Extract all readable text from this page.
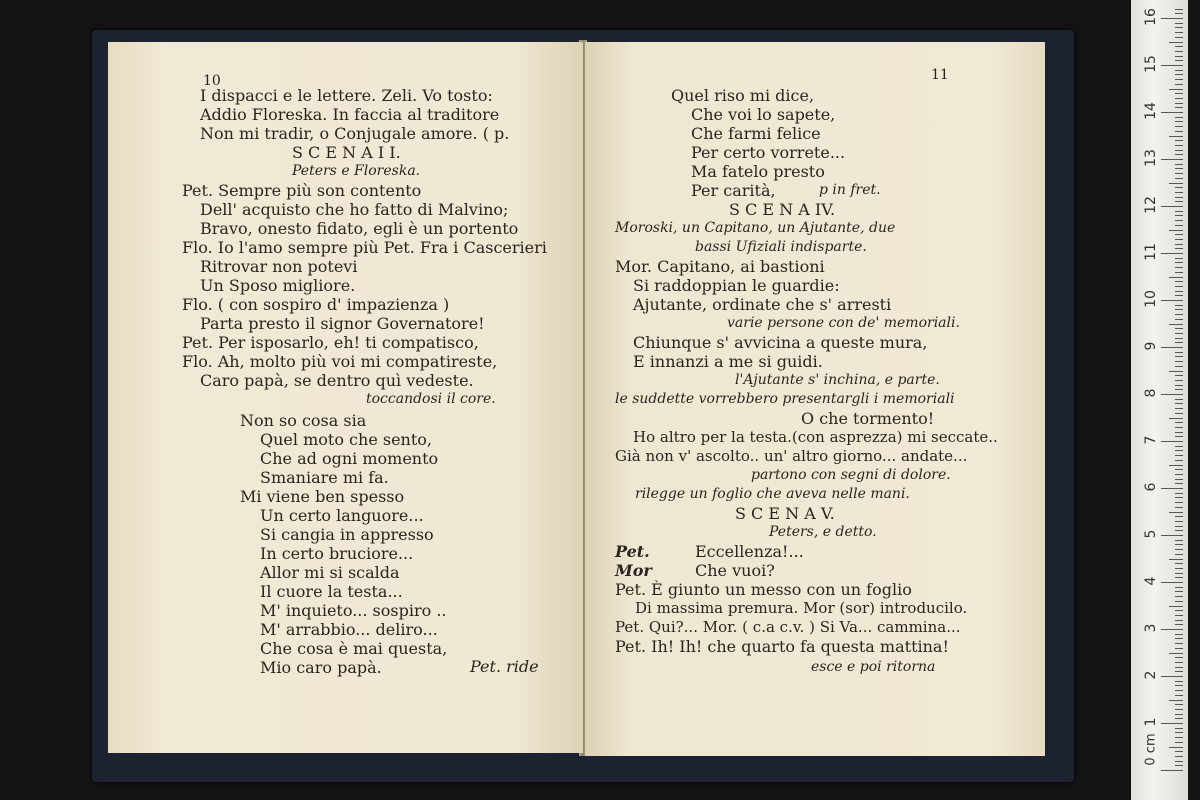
10
I dispacci e le lettere. Zeli. Vo tosto:
Addio Floreska. In faccia al traditore
Non mi tradir, o Conjugale amore. ( p.
S C E N A I I.
Peters e Floreska.
Pet. Sempre più son contento
Dell' acquisto che ho fatto di Malvino;
Bravo, onesto fidato, egli è un portento
Flo. Io l'amo sempre più Pet. Fra i Cascerieri
Ritrovar non potevi
Un Sposo migliore.
Flo. ( con sospiro d' impazienza )
Parta presto il signor Governatore!
Pet. Per isposarlo, eh! ti compatisco,
Flo. Ah, molto più voi mi compatireste,
Caro papà, se dentro quì vedeste.
toccandosi il core.
Non so cosa sia
Quel moto che sento,
Che ad ogni momento
Smaniare mi fa.
Mi viene ben spesso
Un certo languore...
Si cangia in appresso
In certo bruciore...
Allor mi si scalda
Il cuore la testa...
M' inquieto... sospiro ..
M' arrabbio... deliro...
Che cosa è mai questa,
Mio caro papà.	Pet. ride
11
Quel riso mi dice,
Che voi lo sapete,
Che farmi felice
Per certo vorrete...
Ma fatelo presto
Per carità,	p in fret.
S C E N A IV.
Moroski, un Capitano, un Ajutante, due
bassi Ufiziali indisparte.
Mor. Capitano, ai bastioni
Si raddoppian le guardie:
Ajutante, ordinate che s' arresti
varie persone con de' memoriali.
Chiunque s' avvicina a queste mura,
E innanzi a me si guidi.
l'Ajutante s' inchina, e parte.
le suddette vorrebbero presentargli i memoriali
O che tormento!
Ho altro per la testa.(con asprezza) mi seccate..
Già non v' ascolto.. un' altro giorno... andate...
partono con segni di dolore.
rilegge un foglio che aveva nelle mani.
S C E N A V.
Peters, e detto.
Pet.	Eccellenza!...
Mor	Che vuoi?
Pet. È giunto un messo con un foglio
Di massima premura. Mor (sor) introducilo.
Pet. Qui?... Mor. ( c.a c.v. ) Si Va... cammina...
Pet. Ih! Ih! che quarto fa questa mattina!
esce e poi ritorna
0 cm
1
2
3
4
5
6
7
8
9
10
11
12
13
14
15
16
